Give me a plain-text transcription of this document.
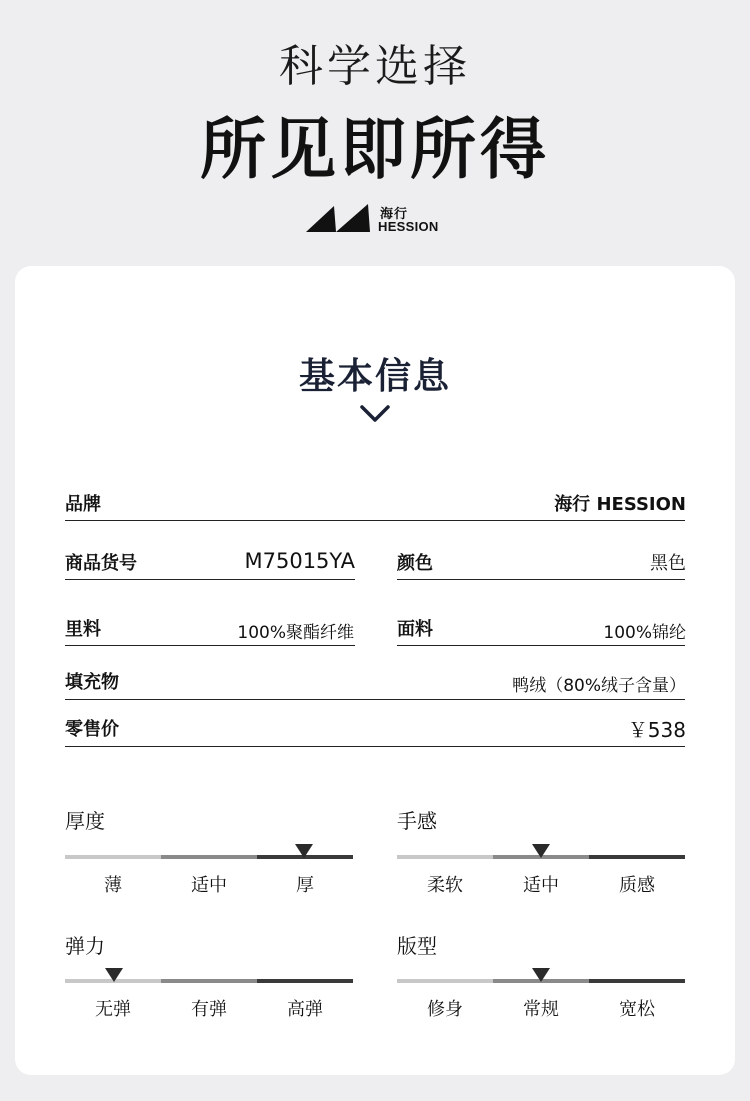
科学选择
所见即所得
海行
HESSION
基本信息
品牌	海行 HESSION
商品货号	M75015YA 颜色	黑色
里料	100%聚酯纤维 面料	100%锦纶
填充物	鸭绒（80%绒子含量）
零售价	￥538
厚度
薄	适中	厚
手感
柔软	适中	质感
弹力
无弹	有弹	高弹
版型
修身	常规	宽松
